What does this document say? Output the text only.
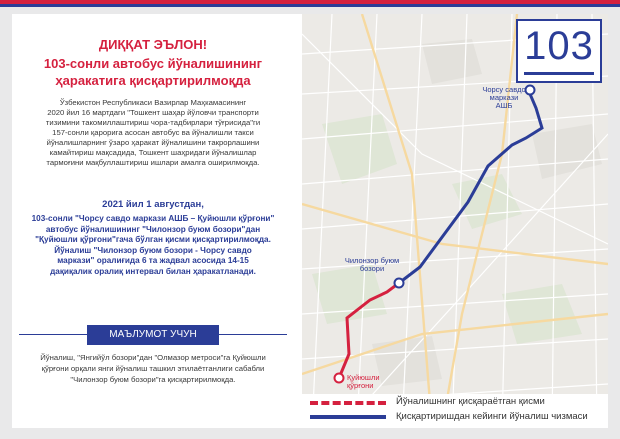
ДИҚҚАТ ЭЪЛОН!
103-сонли автобус йўналишининг
ҳаракатига қисқартирилмоқда

Ўзбекистон Республикаси Вазирлар Маҳкамасининг

2020 йил 16 мартдаги "Тошкент шаҳар йўловчи транспорти

тизимини такомиллаштириш чора-тадбирлари тўғрисида"ги

157-сонли қарорига асосан автобус ва йўналишли такси

йўналишларнинг ўзаро ҳаракат йўналишини такрорлашини

камайтириш мақсадида, Тошкент шаҳридаги йўналишлар

тармоғини мақбуллаштириш ишлари амалга оширилмоқда.

2021 йил 1 августдан,

103-сонли "Чорсу савдо маркази АШБ – Қуйюшли қўрғони"

автобус йўналишининг "Чилонзор буюм бозори"дан

"Қуйюшли қўрғони"гача бўлган қисми қисқартирилмоқда.

Йўналиш "Чилонзор буюм бозори - Чорсу савдо

маркази" оралиғида 6 та жадвал асосида 14-15

дақиқалик оралиқ интервал билан ҳаракатланади.

МАЪЛУМОТ УЧУН

Йўналиш, "Янгийўл бозори"дан "Олмазор метроси"га Қуйюшли

қўрғони орқали янги йўналиш ташкил этилаётганлиги сабабли

"Чилонзор буюм бозори"га қисқартирилмоқда.

103
Чорсу савдо
маркази
АШБ
Чилонзор буюм
бозори
Қуйюшли
қўрғони
Йўналишнинг қисқараётган қисми
Қисқартиришдан кейинги йўналиш чизмаси
